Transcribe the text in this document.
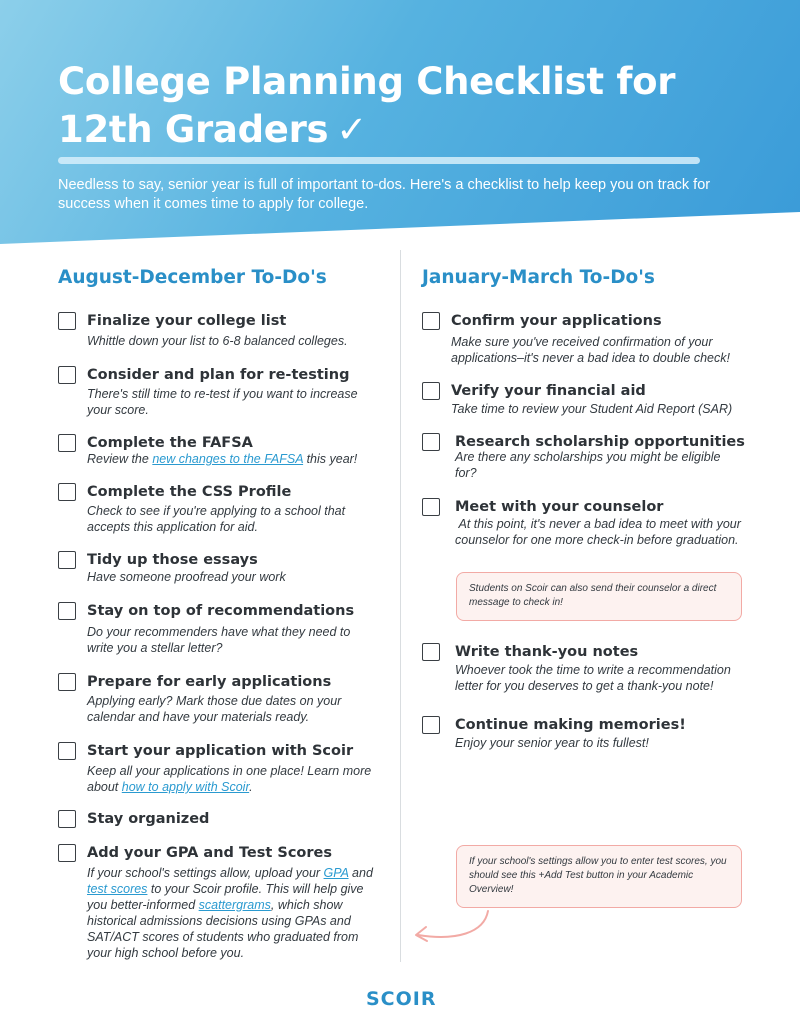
College Planning Checklist for
12th Graders ✓

Needless to say, senior year is full of important to-dos. Here's a checklist to help keep you on track for success when it comes time to apply for college.

August-December To-Do's
Finalize your college list
Whittle down your list to 6-8 balanced colleges.
Consider and plan for re-testing
There's still time to re-test if you want to increase your score.
Complete the FAFSA
Review the new changes to the FAFSA this year!
Complete the CSS Profile
Check to see if you're applying to a school that accepts this application for aid.
Tidy up those essays
Have someone proofread your work
Stay on top of recommendations
Do your recommenders have what they need to write you a stellar letter?
Prepare for early applications
Applying early? Mark those due dates on your calendar and have your materials ready.
Start your application with Scoir
Keep all your applications in one place! Learn more about how to apply with Scoir.
Stay organized
Add your GPA and Test Scores
If your school's settings allow, upload your GPA and test scores to your Scoir profile. This will help give you better-informed scattergrams, which show historical admissions decisions using GPAs and SAT/ACT scores of students who graduated from your high school before you.
January-March To-Do's
Confirm your applications
Make sure you've received confirmation of your applications–it's never a bad idea to double check!
Verify your financial aid
Take time to review your Student Aid Report (SAR)
Research scholarship opportunities
Are there any scholarships you might be eligible for?
Meet with your counselor
At this point, it's never a bad idea to meet with your counselor for one more check-in before graduation.
Students on Scoir can also send their counselor a direct message to check in!
Write thank-you notes
Whoever took the time to write a recommendation letter for you deserves to get a thank-you note!
Continue making memories!
Enjoy your senior year to its fullest!
If your school's settings allow you to enter test scores, you should see this +Add Test button in your Academic Overview!
SCOIR
